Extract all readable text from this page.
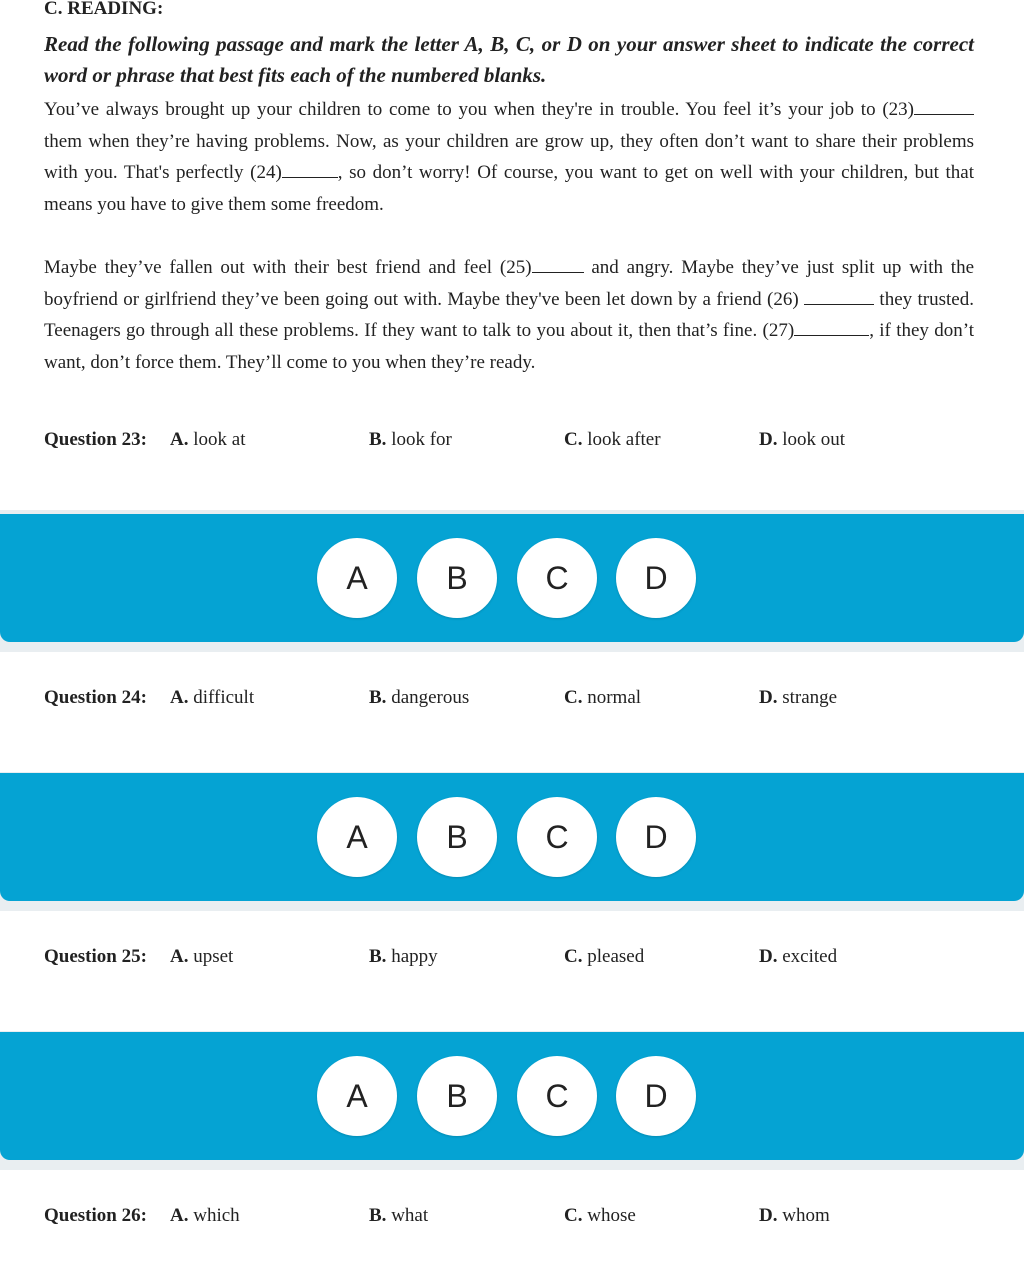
C. READING:
Read the following passage and mark the letter A, B, C, or D on your answer sheet to indicate the correct word or phrase that best fits each of the numbered blanks.

You’ve always brought up your children to come to you when they're in trouble. You feel it’s your job to (23) them when they’re having problems. Now, as your children are grow up, they often don’t want to share their problems with you. That's perfectly (24)	, so don’t worry! Of course, you want to get on well with your children, but that means you have to give them some freedom.

Maybe they’ve fallen out with their best friend and feel (25)	and angry. Maybe they’ve just split up with the boyfriend or girlfriend they’ve been going out with. Maybe they've been let down by a friend (26)	they trusted. Teenagers go through all these problems. If they want to talk to you about it, then that’s fine. (27)	, if they don’t want, don’t force them. They’ll come to you when they’re ready.

Question 23: A. look at	B. look for	C. look after	D. look out
A	B	C	D
Question 24: A. difficult	B. dangerous	C. normal	D. strange
A	B	C	D
Question 25: A. upset	B. happy	C. pleased	D. excited
A	B	C	D
Question 26: A. which	B. what	C. whose	D. whom
